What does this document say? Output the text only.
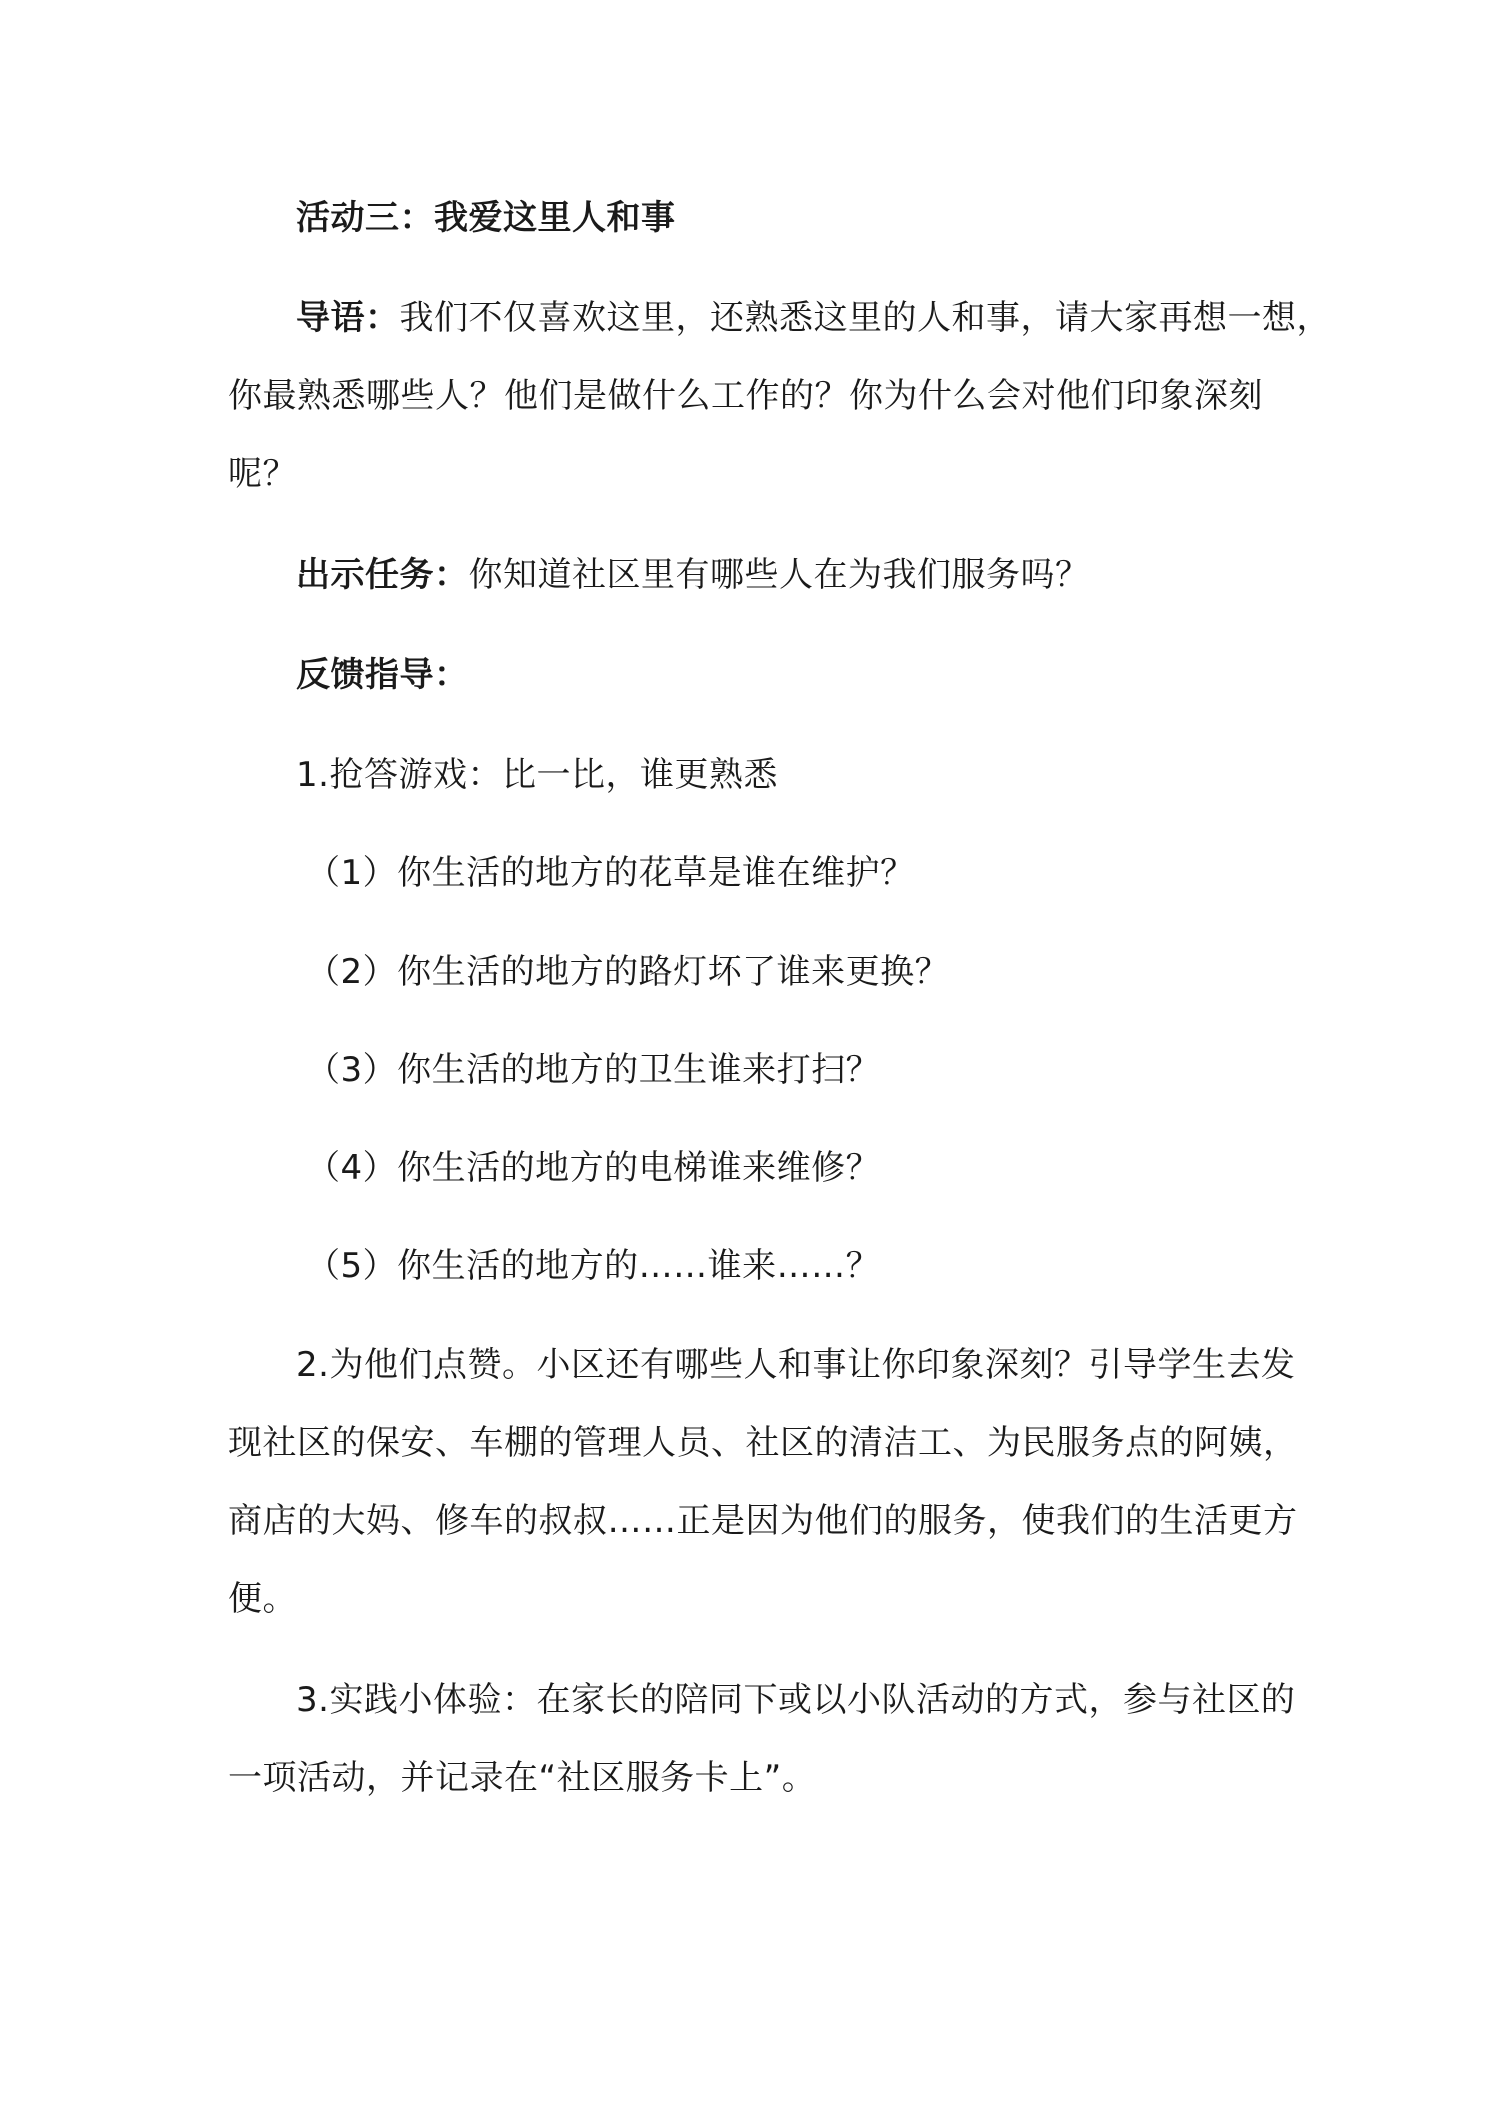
活动三：我爱这里人和事
导语：我们不仅喜欢这里，还熟悉这里的人和事，请大家再想一想，
你最熟悉哪些人？他们是做什么工作的？你为什么会对他们印象深刻
呢？
出示任务：你知道社区里有哪些人在为我们服务吗？
反馈指导：
1.抢答游戏：比一比，谁更熟悉
（1）你生活的地方的花草是谁在维护？
（2）你生活的地方的路灯坏了谁来更换？
（3）你生活的地方的卫生谁来打扫？
（4）你生活的地方的电梯谁来维修？
（5）你生活的地方的……谁来……？
2.为他们点赞。小区还有哪些人和事让你印象深刻？引导学生去发
现社区的保安、车棚的管理人员、社区的清洁工、为民服务点的阿姨，
商店的大妈、修车的叔叔……正是因为他们的服务，使我们的生活更方
便。
3.实践小体验：在家长的陪同下或以小队活动的方式，参与社区的
一项活动，并记录在“社区服务卡上”。
